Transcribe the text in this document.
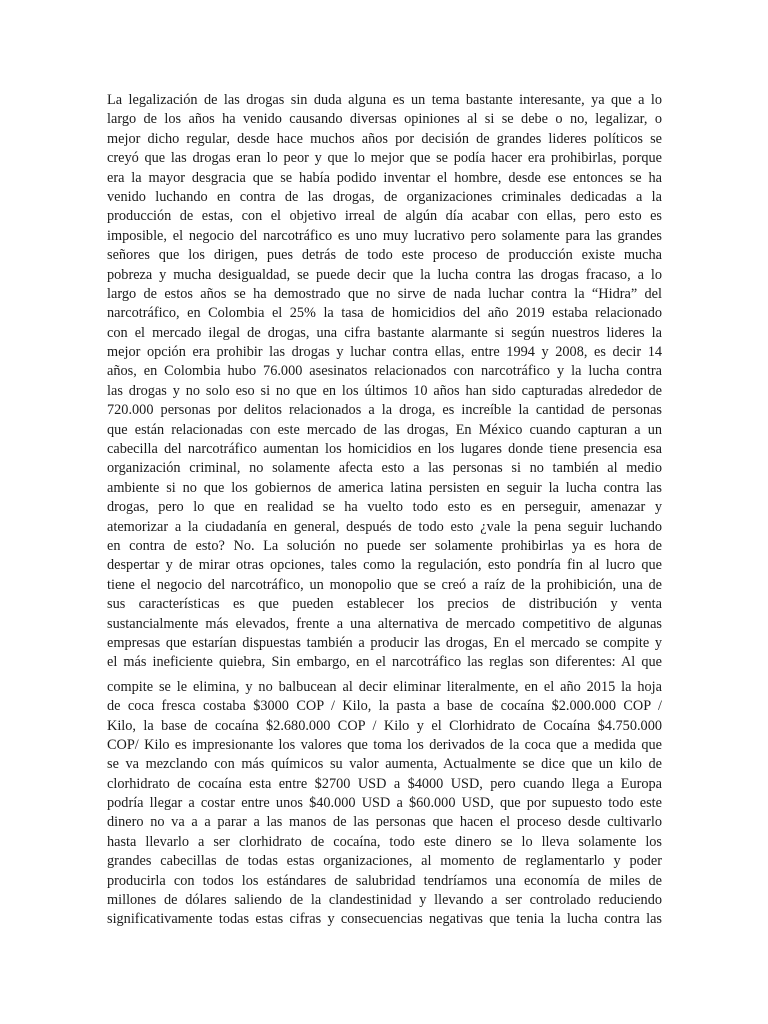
La legalización de las drogas sin duda alguna es un tema bastante interesante, ya que a lo
largo de los años ha venido causando diversas opiniones al si se debe o no, legalizar, o
mejor dicho regular, desde hace muchos años por decisión de grandes lideres políticos se
creyó que las drogas eran lo peor y que lo mejor que se podía hacer era prohibirlas, porque
era la mayor desgracia que se había podido inventar el hombre, desde ese entonces se ha
venido luchando en contra de las drogas, de organizaciones criminales dedicadas a la
producción de estas, con el objetivo irreal de algún día acabar con ellas, pero esto es
imposible, el negocio del narcotráfico es uno muy lucrativo pero solamente para las grandes
señores que los dirigen, pues detrás de todo este proceso de producción existe mucha
pobreza y mucha desigualdad, se puede decir que la lucha contra las drogas fracaso, a lo
largo de estos años se ha demostrado que no sirve de nada luchar contra la “Hidra” del
narcotráfico, en Colombia el 25% la tasa de homicidios del año 2019 estaba relacionado
con el mercado ilegal de drogas, una cifra bastante alarmante si según nuestros lideres la
mejor opción era prohibir las drogas y luchar contra ellas, entre 1994 y 2008, es decir 14
años, en Colombia hubo 76.000 asesinatos relacionados con narcotráfico y la lucha contra
las drogas y no solo eso si no que en los últimos 10 años han sido capturadas alrededor de
720.000 personas por delitos relacionados a la droga, es increíble la cantidad de personas
que están relacionadas con este mercado de las drogas, En México cuando capturan a un
cabecilla del narcotráfico aumentan los homicidios en los lugares donde tiene presencia esa
organización criminal, no solamente afecta esto a las personas si no también al medio
ambiente si no que los gobiernos de america latina persisten en seguir la lucha contra las
drogas, pero lo que en realidad se ha vuelto todo esto es en perseguir, amenazar y
atemorizar a la ciudadanía en general, después de todo esto ¿vale la pena seguir luchando
en contra de esto? No. La solución no puede ser solamente prohibirlas ya es hora de
despertar y de mirar otras opciones, tales como la regulación, esto pondría fin al lucro que
tiene el negocio del narcotráfico, un monopolio que se creó a raíz de la prohibición, una de
sus características es que pueden establecer los precios de distribución y venta
sustancialmente más elevados, frente a una alternativa de mercado competitivo de algunas
empresas que estarían dispuestas también a producir las drogas, En el mercado se compite y
el más ineficiente quiebra, Sin embargo, en el narcotráfico las reglas son diferentes: Al que
compite se le elimina, y no balbucean al decir eliminar literalmente, en el año 2015 la hoja
de coca fresca costaba $3000 COP / Kilo, la pasta a base de cocaína $2.000.000 COP /
Kilo, la base de cocaína $2.680.000 COP / Kilo y el Clorhidrato de Cocaína $4.750.000
COP/ Kilo es impresionante los valores que toma los derivados de la coca que a medida que
se va mezclando con más químicos su valor aumenta, Actualmente se dice que un kilo de
clorhidrato de cocaína esta entre $2700 USD a $4000 USD, pero cuando llega a Europa
podría llegar a costar entre unos $40.000 USD a $60.000 USD, que por supuesto todo este
dinero no va a a parar a las manos de las personas que hacen el proceso desde cultivarlo
hasta llevarlo a ser clorhidrato de cocaína, todo este dinero se lo lleva solamente los
grandes cabecillas de todas estas organizaciones, al momento de reglamentarlo y poder
producirla con todos los estándares de salubridad tendríamos una economía de miles de
millones de dólares saliendo de la clandestinidad y llevando a ser controlado reduciendo
significativamente todas estas cifras y consecuencias negativas que tenia la lucha contra las
